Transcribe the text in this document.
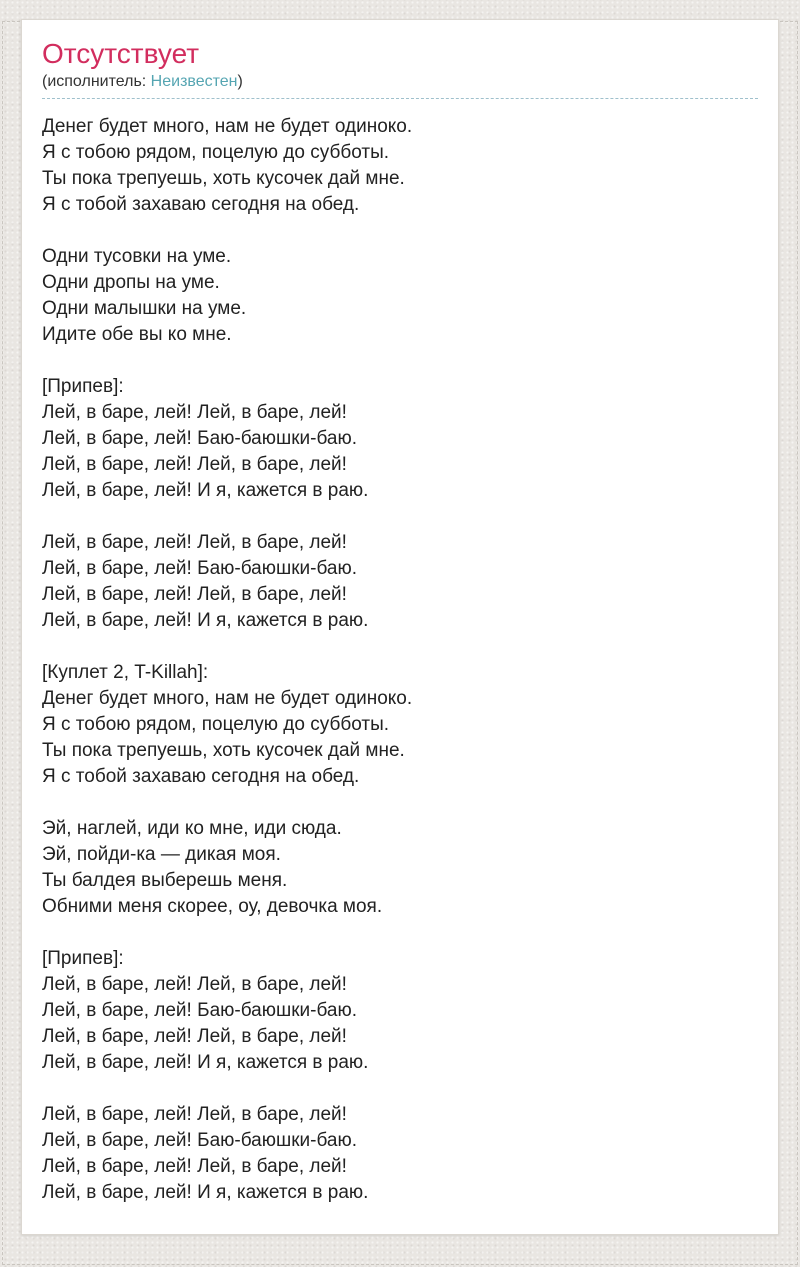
Отсутствует
(исполнитель: Неизвестен)

Денег будет много, нам не будет одиноко.
Я с тобою рядом, поцелую до субботы.
Ты пока трепуешь, хоть кусочек дай мне.
Я с тобой захаваю сегодня на обед.

Одни тусовки на уме.
Одни дропы на уме.
Одни малышки на уме.
Идите обе вы ко мне.

[Припев]:
Лей, в баре, лей! Лей, в баре, лей!
Лей, в баре, лей! Баю-баюшки-баю.
Лей, в баре, лей! Лей, в баре, лей!
Лей, в баре, лей! И я, кажется в раю.

Лей, в баре, лей! Лей, в баре, лей!
Лей, в баре, лей! Баю-баюшки-баю.
Лей, в баре, лей! Лей, в баре, лей!
Лей, в баре, лей! И я, кажется в раю.

[Куплет 2, T-Killah]:
Денег будет много, нам не будет одиноко.
Я с тобою рядом, поцелую до субботы.
Ты пока трепуешь, хоть кусочек дай мне.
Я с тобой захаваю сегодня на обед.

Эй, наглей, иди ко мне, иди сюда.
Эй, пойди-ка — дикая моя.
Ты балдея выберешь меня.
Обними меня скорее, оу, девочка моя.

[Припев]:
Лей, в баре, лей! Лей, в баре, лей!
Лей, в баре, лей! Баю-баюшки-баю.
Лей, в баре, лей! Лей, в баре, лей!
Лей, в баре, лей! И я, кажется в раю.

Лей, в баре, лей! Лей, в баре, лей!
Лей, в баре, лей! Баю-баюшки-баю.
Лей, в баре, лей! Лей, в баре, лей!
Лей, в баре, лей! И я, кажется в раю.
